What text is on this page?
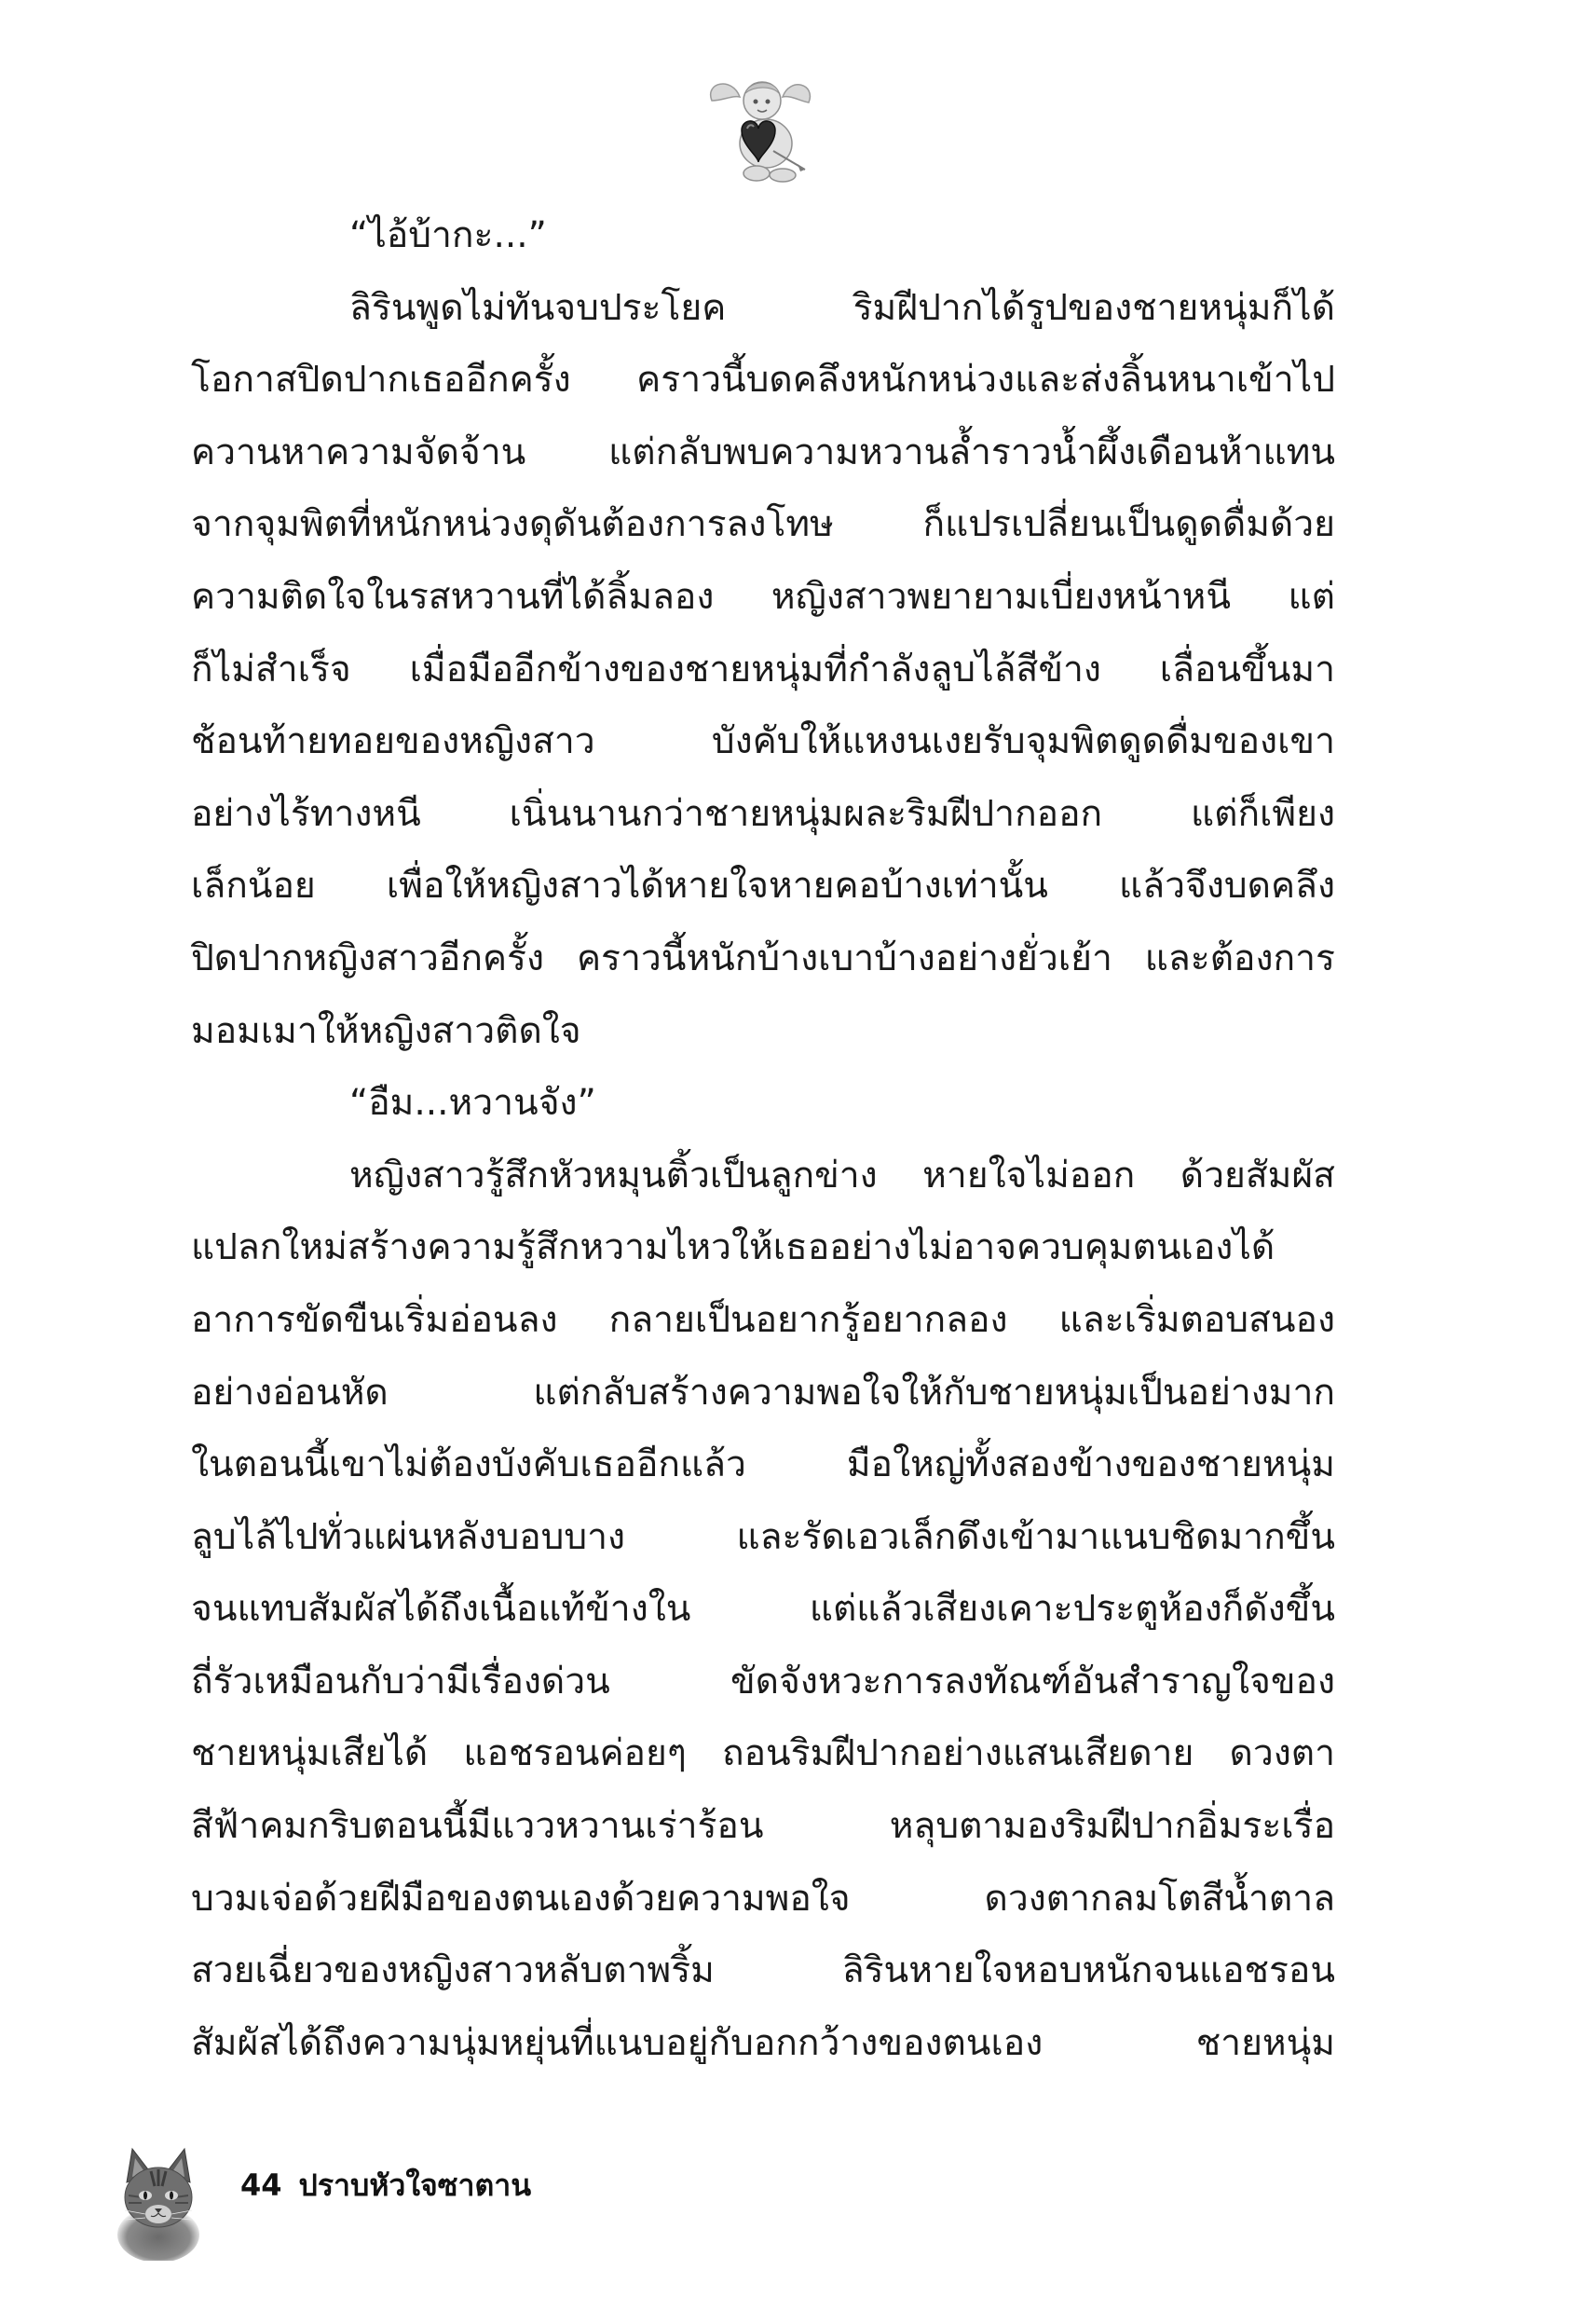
“ไอ้บ้ากะ...”
ลิรินพูดไม่ทันจบประโยค ริมฝีปากได้รูปของชายหนุ่มก็ได้
โอกาสปิดปากเธออีกครั้ง คราวนี้บดคลึงหนักหน่วงและส่งลิ้นหนาเข้าไป
ควานหาความจัดจ้าน แต่กลับพบความหวานล้ำราวน้ำผึ้งเดือนห้าแทน
จากจุมพิตที่หนักหน่วงดุดันต้องการลงโทษ ก็แปรเปลี่ยนเป็นดูดดื่มด้วย
ความติดใจในรสหวานที่ได้ลิ้มลอง หญิงสาวพยายามเบี่ยงหน้าหนี แต่
ก็ไม่สำเร็จ เมื่อมืออีกข้างของชายหนุ่มที่กำลังลูบไล้สีข้าง เลื่อนขึ้นมา
ช้อนท้ายทอยของหญิงสาว บังคับให้แหงนเงยรับจุมพิตดูดดื่มของเขา
อย่างไร้ทางหนี เนิ่นนานกว่าชายหนุ่มผละริมฝีปากออก แต่ก็เพียง
เล็กน้อย เพื่อให้หญิงสาวได้หายใจหายคอบ้างเท่านั้น แล้วจึงบดคลึง
ปิดปากหญิงสาวอีกครั้ง คราวนี้หนักบ้างเบาบ้างอย่างยั่วเย้า และต้องการ
มอมเมาให้หญิงสาวติดใจ
“อืม...หวานจัง”
หญิงสาวรู้สึกหัวหมุนติ้วเป็นลูกข่าง หายใจไม่ออก ด้วยสัมผัส
แปลกใหม่สร้างความรู้สึกหวามไหวให้เธออย่างไม่อาจควบคุมตนเองได้
อาการขัดขืนเริ่มอ่อนลง กลายเป็นอยากรู้อยากลอง และเริ่มตอบสนอง
อย่างอ่อนหัด แต่กลับสร้างความพอใจให้กับชายหนุ่มเป็นอย่างมาก
ในตอนนี้เขาไม่ต้องบังคับเธออีกแล้ว มือใหญ่ทั้งสองข้างของชายหนุ่ม
ลูบไล้ไปทั่วแผ่นหลังบอบบาง และรัดเอวเล็กดึงเข้ามาแนบชิดมากขึ้น
จนแทบสัมผัสได้ถึงเนื้อแท้ข้างใน แต่แล้วเสียงเคาะประตูห้องก็ดังขึ้น
ถี่รัวเหมือนกับว่ามีเรื่องด่วน ขัดจังหวะการลงทัณฑ์อันสำราญใจของ
ชายหนุ่มเสียได้ แอชรอนค่อยๆ ถอนริมฝีปากอย่างแสนเสียดาย ดวงตา
สีฟ้าคมกริบตอนนี้มีแววหวานเร่าร้อน หลุบตามองริมฝีปากอิ่มระเรื่อ
บวมเจ่อด้วยฝีมือของตนเองด้วยความพอใจ ดวงตากลมโตสีน้ำตาล
สวยเฉี่ยวของหญิงสาวหลับตาพริ้ม ลิรินหายใจหอบหนักจนแอชรอน
สัมผัสได้ถึงความนุ่มหยุ่นที่แนบอยู่กับอกกว้างของตนเอง ชายหนุ่ม
44 ปราบหัวใจซาตาน
